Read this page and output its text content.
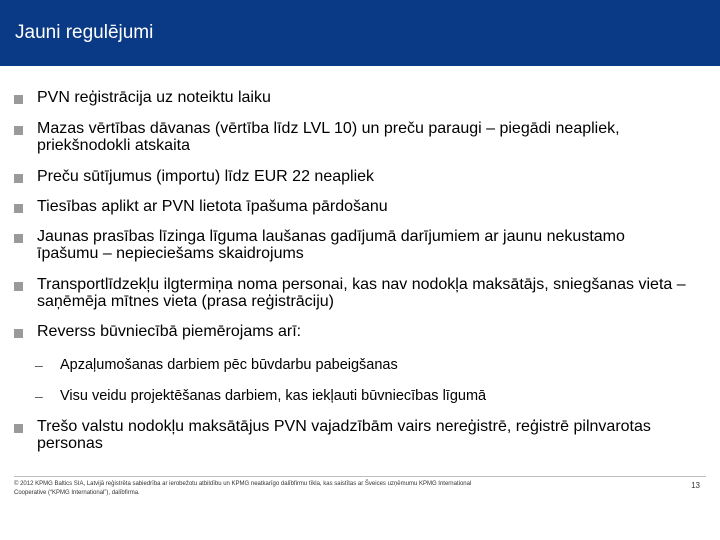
Jauni regulējumi
PVN reģistrācija uz noteiktu laiku
Mazas vērtības dāvanas (vērtība līdz LVL 10) un preču paraugi – piegādi neapliek, priekšnodokli atskaita
Preču sūtījumus (importu) līdz EUR 22 neapliek
Tiesības aplikt ar PVN lietota īpašuma pārdošanu
Jaunas prasības līzinga līguma laušanas gadījumā darījumiem ar jaunu nekustamo īpašumu – nepieciešams skaidrojums
Transportlīdzekļu ilgtermiņa noma personai, kas nav nodokļa maksātājs, sniegšanas vieta – saņēmēja mītnes vieta (prasa reģistrāciju)
Reverss būvniecībā piemērojams arī:
–	Apzaļumošanas darbiem pēc būvdarbu pabeigšanas
–	Visu veidu projektēšanas darbiem, kas iekļauti būvniecības līgumā
Trešo valstu nodokļu maksātājus PVN vajadzībām vairs nereģistrē, reģistrē pilnvarotas personas
© 2012 KPMG Baltics SIA, Latvijā reģistrēta sabiedrība ar ierobežotu atbildību un KPMG neatkarīgo dalībfirmu tīkla, kas saistītas ar Šveices uzņēmumu KPMG International Cooperative (“KPMG International”), dalībfirma.
13
